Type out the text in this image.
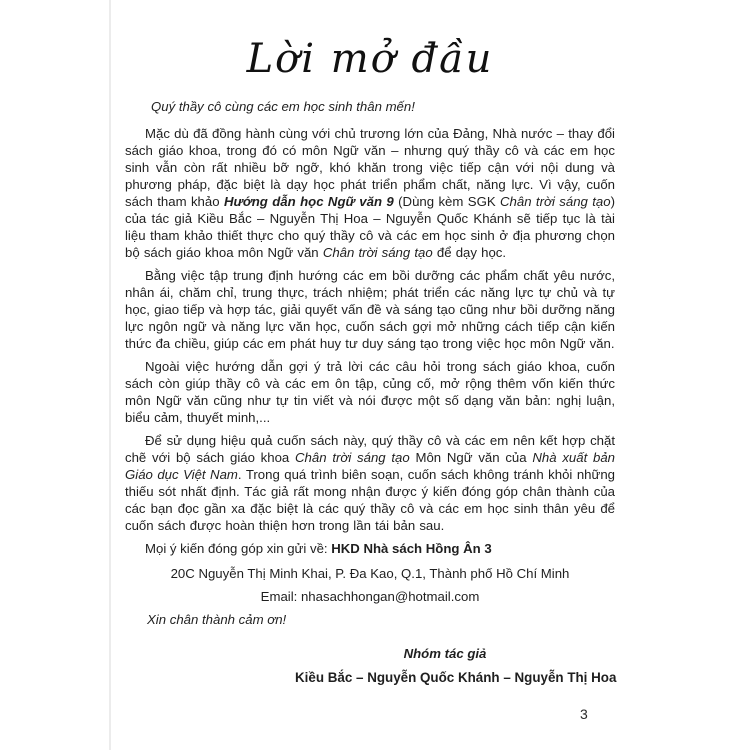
Lời mở đầu

Quý thầy cô cùng các em học sinh thân mến!

Mặc dù đã đồng hành cùng với chủ trương lớn của Đảng, Nhà nước – thay đổi sách giáo khoa, trong đó có môn Ngữ văn – nhưng quý thầy cô và các em học sinh vẫn còn rất nhiều bỡ ngỡ, khó khăn trong việc tiếp cận với nội dung và phương pháp, đặc biệt là dạy học phát triển phẩm chất, năng lực. Vì vậy, cuốn sách tham khảo Hướng dẫn học Ngữ văn 9 (Dùng kèm SGK Chân trời sáng tạo) của tác giả Kiều Bắc – Nguyễn Thị Hoa – Nguyễn Quốc Khánh sẽ tiếp tục là tài liệu tham khảo thiết thực cho quý thầy cô và các em học sinh ở địa phương chọn bộ sách giáo khoa môn Ngữ văn Chân trời sáng tạo để dạy học.

Bằng việc tập trung định hướng các em bồi dưỡng các phẩm chất yêu nước, nhân ái, chăm chỉ, trung thực, trách nhiệm; phát triển các năng lực tự chủ và tự học, giao tiếp và hợp tác, giải quyết vấn đề và sáng tạo cũng như bồi dưỡng năng lực ngôn ngữ và năng lực văn học, cuốn sách gợi mở những cách tiếp cận kiến thức đa chiều, giúp các em phát huy tư duy sáng tạo trong việc học môn Ngữ văn.

Ngoài việc hướng dẫn gợi ý trả lời các câu hỏi trong sách giáo khoa, cuốn sách còn giúp thầy cô và các em ôn tập, củng cố, mở rộng thêm vốn kiến thức môn Ngữ văn cũng như tự tin viết và nói được một số dạng văn bản: nghị luận, biểu cảm, thuyết minh,...

Để sử dụng hiệu quả cuốn sách này, quý thầy cô và các em nên kết hợp chặt chẽ với bộ sách giáo khoa Chân trời sáng tạo Môn Ngữ văn của Nhà xuất bản Giáo dục Việt Nam. Trong quá trình biên soạn, cuốn sách không tránh khỏi những thiếu sót nhất định. Tác giả rất mong nhận được ý kiến đóng góp chân thành của các bạn đọc gần xa đặc biệt là các quý thầy cô và các em học sinh thân yêu để cuốn sách được hoàn thiện hơn trong lần tái bản sau.

Mọi ý kiến đóng góp xin gửi về: HKD Nhà sách Hồng Ân 3

20C Nguyễn Thị Minh Khai, P. Đa Kao, Q.1, Thành phố Hồ Chí Minh

Email: nhasachhongan@hotmail.com

Xin chân thành cảm ơn!

Nhóm tác giả

Kiều Bắc – Nguyễn Quốc Khánh – Nguyễn Thị Hoa

3
